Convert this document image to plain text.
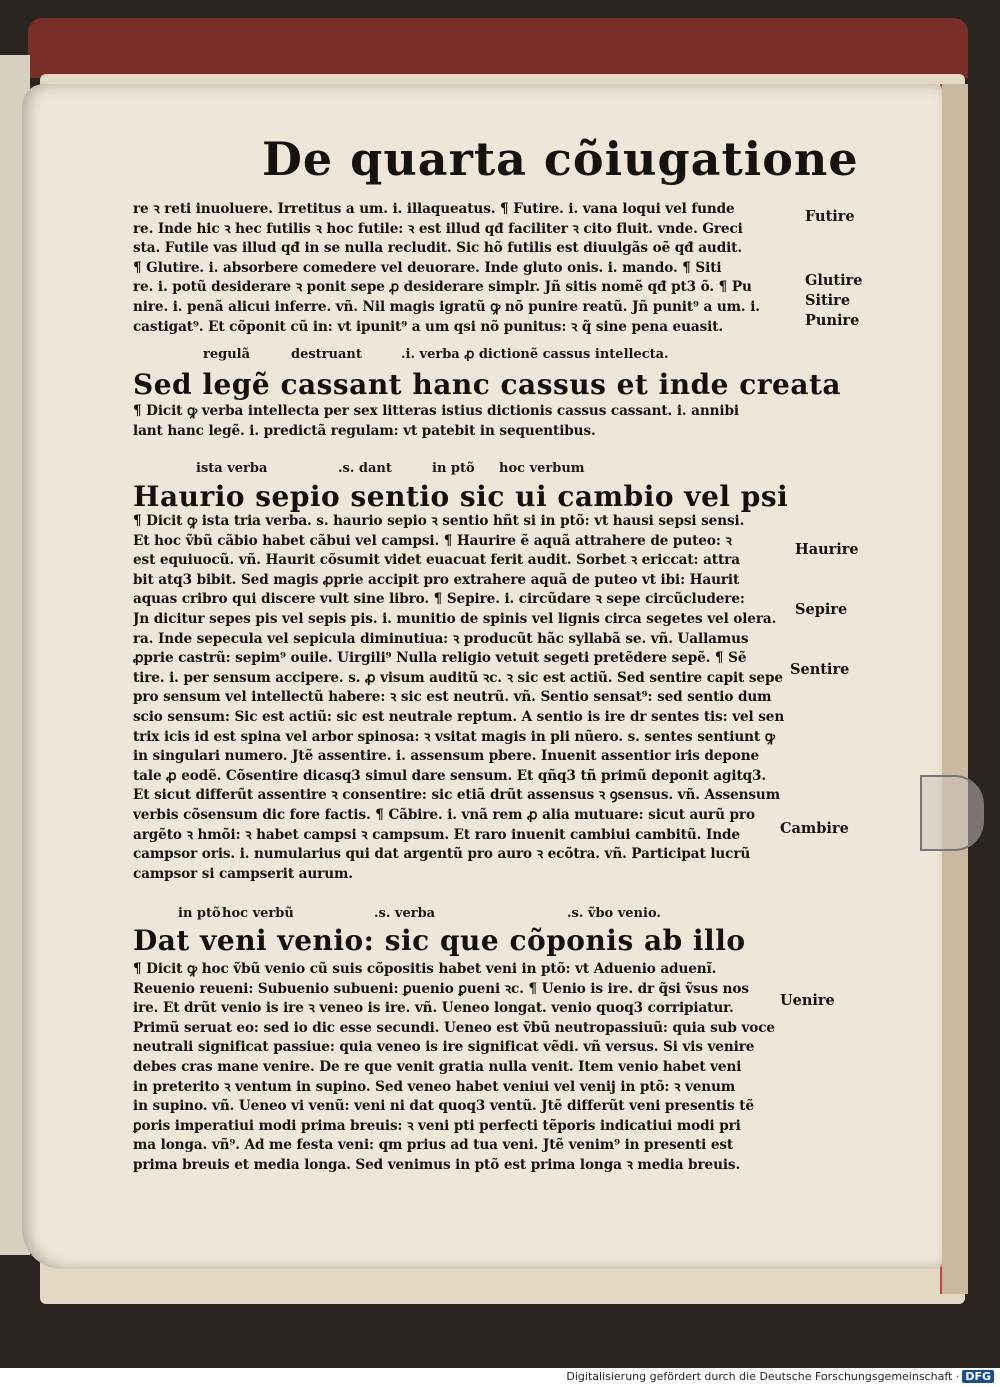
De quarta cõiugatione
re ꝛ reti inuoluere. Irretitus a um. i. illaqueatus. ¶ Futire. i. vana loqui vel funde
re. Inde hic ꝛ hec futilis ꝛ hoc futile: ꝛ est illud qđ faciliter ꝛ cito fluit. vnde. Greci
sta. Futile vas illud qđ in se nulla recludit. Sic hõ futilis est diuulgãs oẽ qđ audit.
¶ Glutire. i. absorbere comedere vel deuorare. Inde gluto onis. i. mando. ¶ Siti
re. i. potũ desiderare ꝛ ponit sepe ꝓ desiderare simplr. Jñ sitis nomẽ qđ pt3 õ. ¶ Pu
nire. i. penã alicui inferre. vñ. Nil magis igratũ ꝙ nõ punire reatũ. Jñ punit⁹ a um. i.
castigat⁹. Et cõponit cũ in: vt ipunit⁹ a um qsi nõ punitus: ꝛ q̃ sine pena euasit.
regulã	destruant	.i. verba ꝓ dictionẽ cassus intellecta.
Sed legẽ cassant hanc cassus et inde creata
¶ Dicit ꝙ verba intellecta per sex litteras istius dictionis cassus cassant. i. annibi
lant hanc legẽ. i. predictã regulam: vt patebit in sequentibus.
ista verba	.s. dant	in ptõ hoc verbum
Haurio sepio sentio sic ui cambio vel psi
¶ Dicit ꝙ ista tria verba. s. haurio sepio ꝛ sentio hñt si in ptõ: vt hausi sepsi sensi.
Et hoc ṽbũ cãbio habet cãbui vel campsi. ¶ Haurire ẽ aquã attrahere de puteo: ꝛ
est equiuocũ. vñ. Haurit cõsumit videt euacuat ferit audit. Sorbet ꝛ ericcat: attra
bit atq3 bibit. Sed magis ꝓprie accipit pro extrahere aquã de puteo vt ibi: Haurit
aquas cribro qui discere vult sine libro. ¶ Sepire. i. circũdare ꝛ sepe circũcludere:
Jn dicitur sepes pis vel sepis pis. i. munitio de spinis vel lignis circa segetes vel olera.
ra. Inde sepecula vel sepicula diminutiua: ꝛ producũt hãc syllabã se. vñ. Uallamus
ꝓprie castrũ: sepim⁹ ouile. Uirgili⁹ Nulla religio vetuit segeti pretẽdere sepẽ. ¶ Sẽ
tire. i. per sensum accipere. s. ꝓ visum auditũ ꝛc. ꝛ sic est actiũ. Sed sentire capit sepe
pro sensum vel intellectũ habere: ꝛ sic est neutrũ. vñ. Sentio sensat⁹: sed sentio dum
scio sensum: Sic est actiũ: sic est neutrale reptum. A sentio is ire dr sentes tis: vel sen
trix icis id est spina vel arbor spinosa: ꝛ vsitat magis in pli nũero. s. sentes sentiunt ꝙ
in singulari numero. Jtẽ assentire. i. assensum pbere. Inuenit assentior iris depone
tale ꝓ eodẽ. Cõsentire dicasq3 simul dare sensum. Et qñq3 tñ primũ deponit agitq3.
Et sicut differũt assentire ꝛ consentire: sic etiã drũt assensus ꝛ ꝯsensus. vñ. Assensum
verbis cõsensum dic fore factis. ¶ Cãbire. i. vnã rem ꝓ alia mutuare: sicut aurũ pro
argẽto ꝛ hmõi: ꝛ habet campsi ꝛ campsum. Et raro inuenit cambiui cambitũ. Inde
campsor oris. i. numularius qui dat argentũ pro auro ꝛ ecõtra. vñ. Participat lucrũ
campsor si campserit aurum.
in ptõ hoc verbũ	.s. verba	.s. ṽbo venio.
Dat veni venio: sic que cõponis ab illo
¶ Dicit ꝙ hoc ṽbũ venio cũ suis cõpositis habet veni in ptõ: vt Aduenio aduenĩ.
Reuenio reueni: Subuenio subueni: ꝑuenio ꝑueni ꝛc. ¶ Uenio is ire. dr q̃si ṽsus nos
ire. Et drũt venio is ire ꝛ veneo is ire. vñ. Ueneo longat. venio quoq3 corripiatur.
Primũ seruat eo: sed io dic esse secundi. Ueneo est ṽbũ neutropassiuũ: quia sub voce
neutrali significat passiue: quia veneo is ire significat vẽdi. vñ versus. Si vis venire
debes cras mane venire. De re que venit gratia nulla venit. Item venio habet veni
in preterito ꝛ ventum in supino. Sed veneo habet veniui vel venij in ptõ: ꝛ venum
in supino. vñ. Ueneo vi venũ: veni ni dat quoq3 ventũ. Jtẽ differũt veni presentis tẽ
ꝑoris imperatiui modi prima breuis: ꝛ veni pti perfecti tẽporis indicatiui modi pri
ma longa. vñ⁹. Ad me festa veni: qm prius ad tua veni. Jtẽ venim⁹ in presenti est
prima breuis et media longa. Sed venimus in ptõ est prima longa ꝛ media breuis.
Futire
Glutire
Sitire
Punire
Haurire
Sepire
Sentire
Cambire
Uenire
Digitalisierung gefördert durch die Deutsche Forschungsgemeinschaft · DFG
